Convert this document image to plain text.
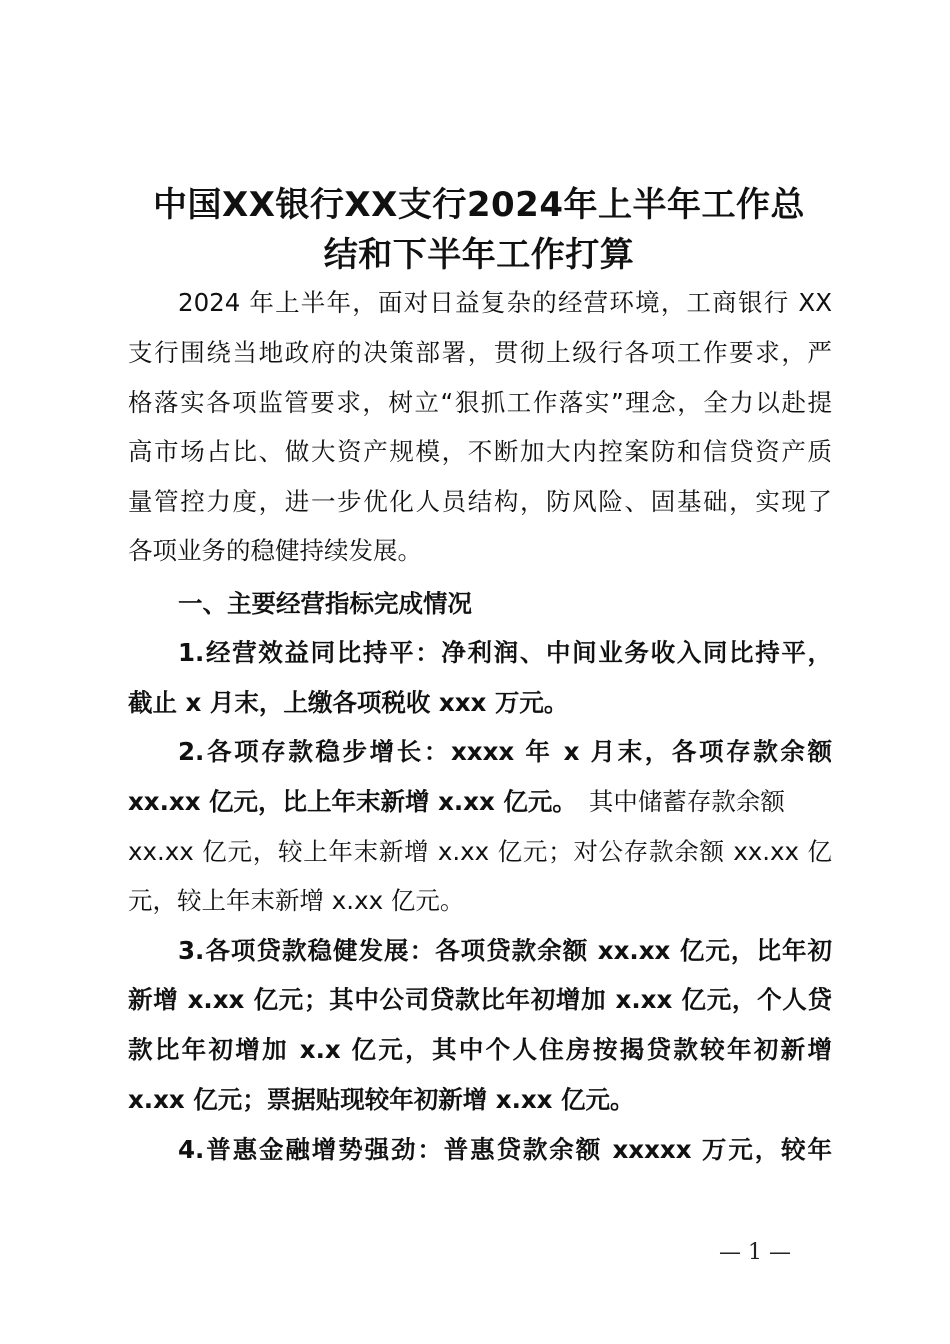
中国XX银行XX支行2024年上半年工作总
结和下半年工作打算
2024 年上半年，面对日益复杂的经营环境，工商银行 XX
支行围绕当地政府的决策部署，贯彻上级行各项工作要求，严
格落实各项监管要求，树立“狠抓工作落实”理念，全力以赴提
高市场占比、做大资产规模，不断加大内控案防和信贷资产质
量管控力度，进一步优化人员结构，防风险、固基础，实现了
各项业务的稳健持续发展。
一、主要经营指标完成情况
1.经营效益同比持平：净利润、中间业务收入同比持平，
截止 x 月末，上缴各项税收 xxx 万元。
2.各项存款稳步增长：xxxx 年 x 月末，各项存款余额
xx.xx 亿元，比上年末新增 x.xx 亿元。 其中储蓄存款余额
xx.xx 亿元，较上年末新增 x.xx 亿元；对公存款余额 xx.xx 亿
元，较上年末新增 x.xx 亿元。
3.各项贷款稳健发展：各项贷款余额 xx.xx 亿元，比年初
新增 x.xx 亿元；其中公司贷款比年初增加 x.xx 亿元，个人贷
款比年初增加 x.x 亿元，其中个人住房按揭贷款较年初新增
x.xx 亿元；票据贴现较年初新增 x.xx 亿元。
4.普惠金融增势强劲：普惠贷款余额 xxxxx 万元，较年
— 1 —
